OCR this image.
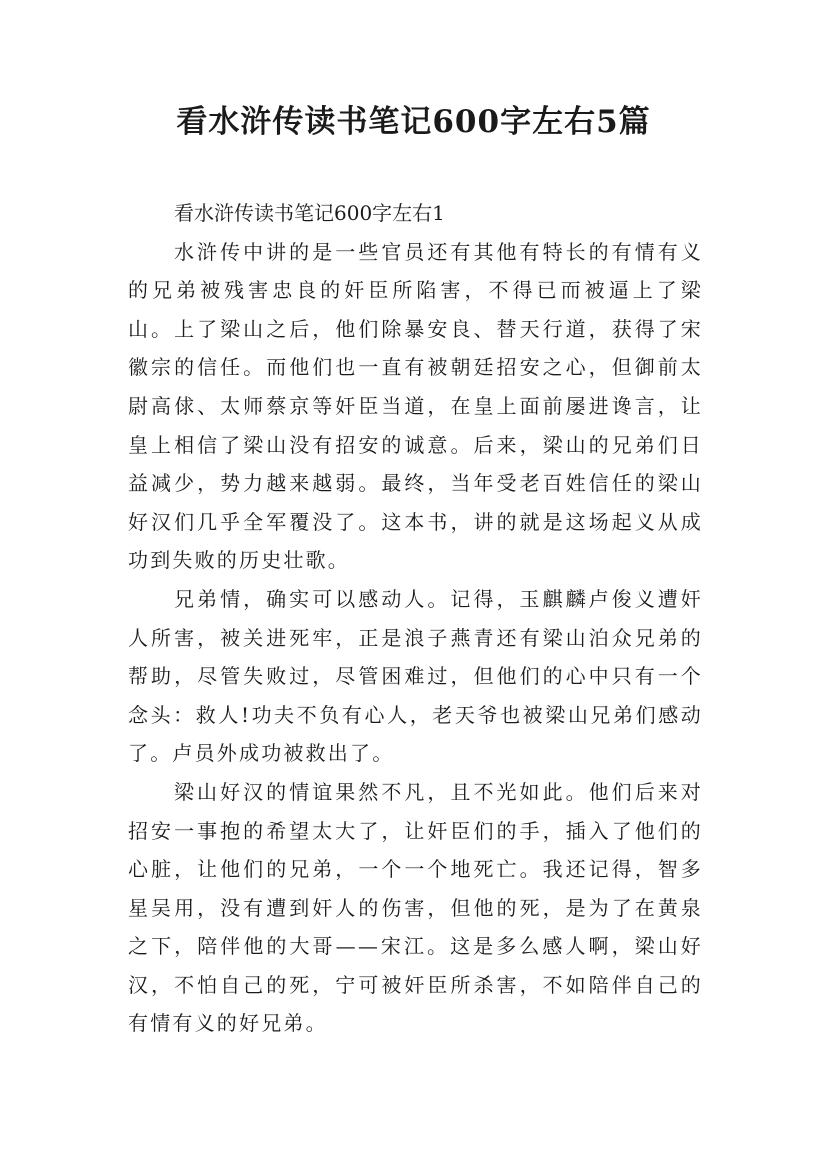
看水浒传读书笔记600字左右5篇

看水浒传读书笔记600字左右1

水浒传中讲的是一些官员还有其他有特长的有情有义的兄弟被残害忠良的奸臣所陷害，不得已而被逼上了梁山。上了梁山之后，他们除暴安良、替天行道，获得了宋徽宗的信任。而他们也一直有被朝廷招安之心，但御前太尉高俅、太师蔡京等奸臣当道，在皇上面前屡进谗言，让皇上相信了梁山没有招安的诚意。后来，梁山的兄弟们日益减少，势力越来越弱。最终，当年受老百姓信任的梁山好汉们几乎全军覆没了。这本书，讲的就是这场起义从成功到失败的历史壮歌。

兄弟情，确实可以感动人。记得，玉麒麟卢俊义遭奸人所害，被关进死牢，正是浪子燕青还有梁山泊众兄弟的帮助，尽管失败过，尽管困难过，但他们的心中只有一个念头：救人!功夫不负有心人，老天爷也被梁山兄弟们感动了。卢员外成功被救出了。

梁山好汉的情谊果然不凡，且不光如此。他们后来对招安一事抱的希望太大了，让奸臣们的手，插入了他们的心脏，让他们的兄弟，一个一个地死亡。我还记得，智多星吴用，没有遭到奸人的伤害，但他的死，是为了在黄泉之下，陪伴他的大哥——宋江。这是多么感人啊，梁山好汉，不怕自己的死，宁可被奸臣所杀害，不如陪伴自己的有情有义的好兄弟。
